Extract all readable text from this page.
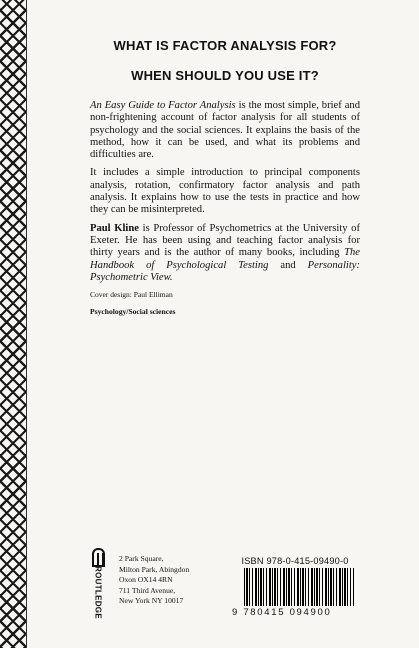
WHAT IS FACTOR ANALYSIS FOR?
WHEN SHOULD YOU USE IT?

An Easy Guide to Factor Analysis is the most simple, brief and non-frightening account of factor analysis for all students of psychology and the social sciences. It explains the basis of the method, how it can be used, and what its problems and difficulties are.

It includes a simple introduction to principal components analysis, rotation, confirmatory factor analysis and path analysis. It explains how to use the tests in practice and how they can be misinterpreted.

Paul Kline is Professor of Psychometrics at the University of Exeter. He has been using and teaching factor analysis for thirty years and is the author of many books, including The Handbook of Psychological Testing and Personality: Psychometric View.

Cover design: Paul Elliman

Psychology/Social sciences

ROUTLEDGE
2 Park Square,
Milton Park, Abingdon
Oxon OX14 4RN
711 Third Avenue,
New York NY 10017
ISBN 978-0-415-09490-0
9 780415 094900
